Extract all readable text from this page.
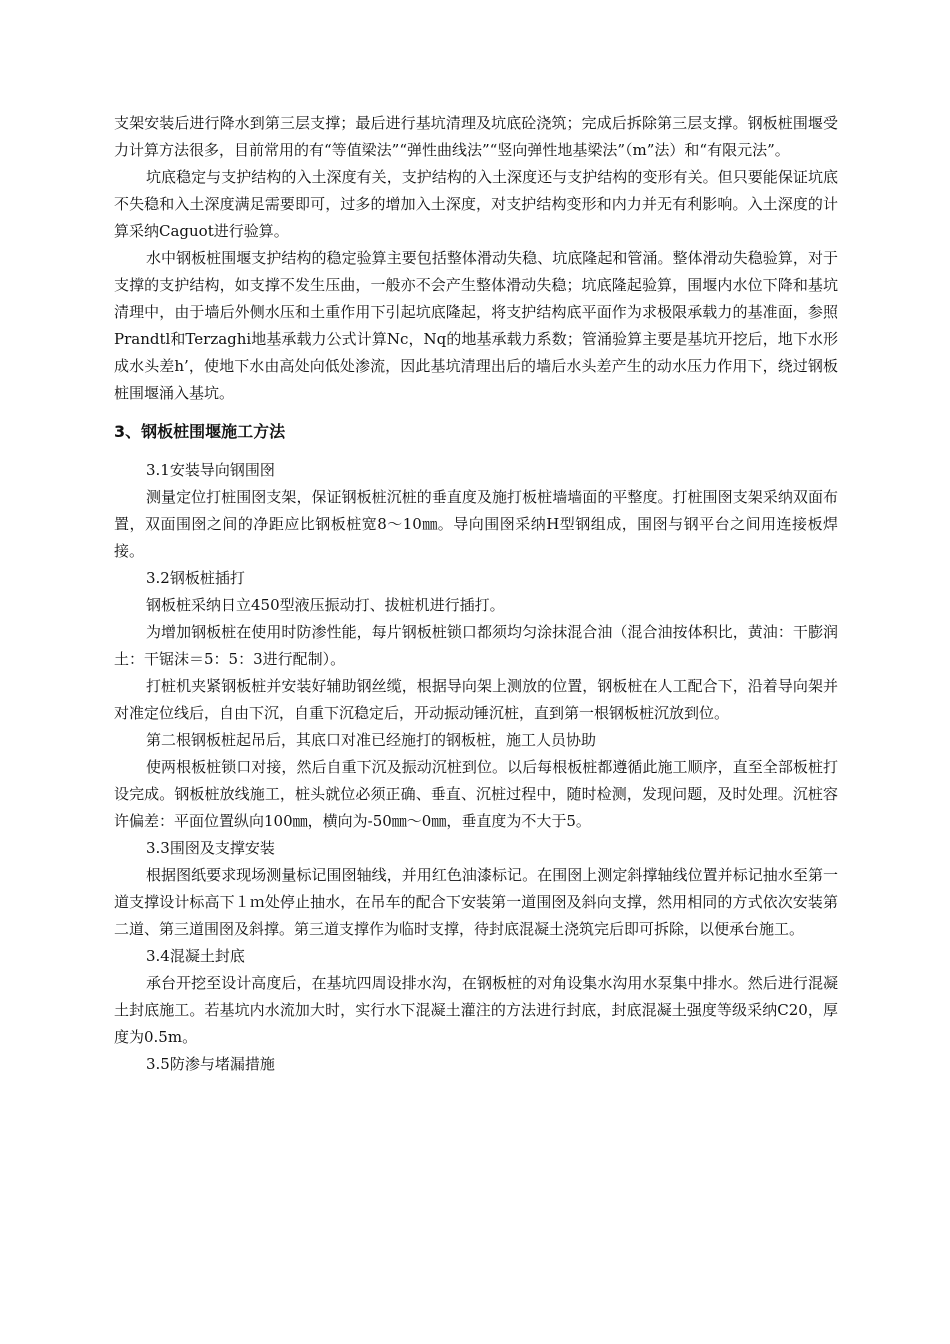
支架安装后进行降水到第三层支撑；最后进行基坑清理及坑底砼浇筑；完成后拆除第三层支撑。钢板桩围堰受力计算方法很多，目前常用的有“等值梁法”“弹性曲线法”“竖向弹性地基梁法”（m”法）和“有限元法”。

坑底稳定与支护结构的入土深度有关，支护结构的入土深度还与支护结构的变形有关。但只要能保证坑底不失稳和入土深度满足需要即可，过多的增加入土深度，对支护结构变形和内力并无有利影响。入土深度的计算采纳Caguot进行验算。

水中钢板桩围堰支护结构的稳定验算主要包括整体滑动失稳、坑底隆起和管涌。整体滑动失稳验算，对于支撑的支护结构，如支撑不发生压曲，一般亦不会产生整体滑动失稳；坑底隆起验算，围堰内水位下降和基坑清理中，由于墙后外侧水压和土重作用下引起坑底隆起，将支护结构底平面作为求极限承载力的基准面，参照Prandtl和Terzaghi地基承载力公式计算Nc，Nq的地基承载力系数；管涌验算主要是基坑开挖后，地下水形成水头差h’，使地下水由高处向低处渗流，因此基坑清理出后的墙后水头差产生的动水压力作用下，绕过钢板桩围堰涌入基坑。

3、钢板桩围堰施工方法

3.1安装导向钢围囹

测量定位打桩围囹支架，保证钢板桩沉桩的垂直度及施打板桩墙墙面的平整度。打桩围囹支架采纳双面布置，双面围囹之间的净距应比钢板桩宽8～10㎜。导向围囹采纳H型钢组成，围囹与钢平台之间用连接板焊接。

3.2钢板桩插打

钢板桩采纳日立450型液压振动打、拔桩机进行插打。

为增加钢板桩在使用时防渗性能，每片钢板桩锁口都须均匀涂抹混合油（混合油按体积比，黄油：干膨润土：干锯沫＝5：5：3进行配制）。

打桩机夹紧钢板桩并安装好辅助钢丝缆，根据导向架上测放的位置，钢板桩在人工配合下，沿着导向架并对准定位线后，自由下沉，自重下沉稳定后，开动振动锤沉桩，直到第一根钢板桩沉放到位。

第二根钢板桩起吊后，其底口对准已经施打的钢板桩，施工人员协助

使两根板桩锁口对接，然后自重下沉及振动沉桩到位。以后每根板桩都遵循此施工顺序，直至全部板桩打设完成。钢板桩放线施工，桩头就位必须正确、垂直、沉桩过程中，随时检测，发现问题，及时处理。沉桩容许偏差：平面位置纵向100㎜，横向为-50㎜～0㎜，垂直度为不大于5。

3.3围囹及支撑安装

根据图纸要求现场测量标记围囹轴线，并用红色油漆标记。在围囹上测定斜撑轴线位置并标记抽水至第一道支撑设计标高下１ｍ处停止抽水，在吊车的配合下安装第一道围囹及斜向支撑，然用相同的方式依次安装第二道、第三道围囹及斜撑。第三道支撑作为临时支撑，待封底混凝土浇筑完后即可拆除，以便承台施工。

3.4混凝土封底

承台开挖至设计高度后，在基坑四周设排水沟，在钢板桩的对角设集水沟用水泵集中排水。然后进行混凝土封底施工。若基坑内水流加大时，实行水下混凝土灌注的方法进行封底，封底混凝土强度等级采纳C20，厚度为0.5m。

3.5防渗与堵漏措施
